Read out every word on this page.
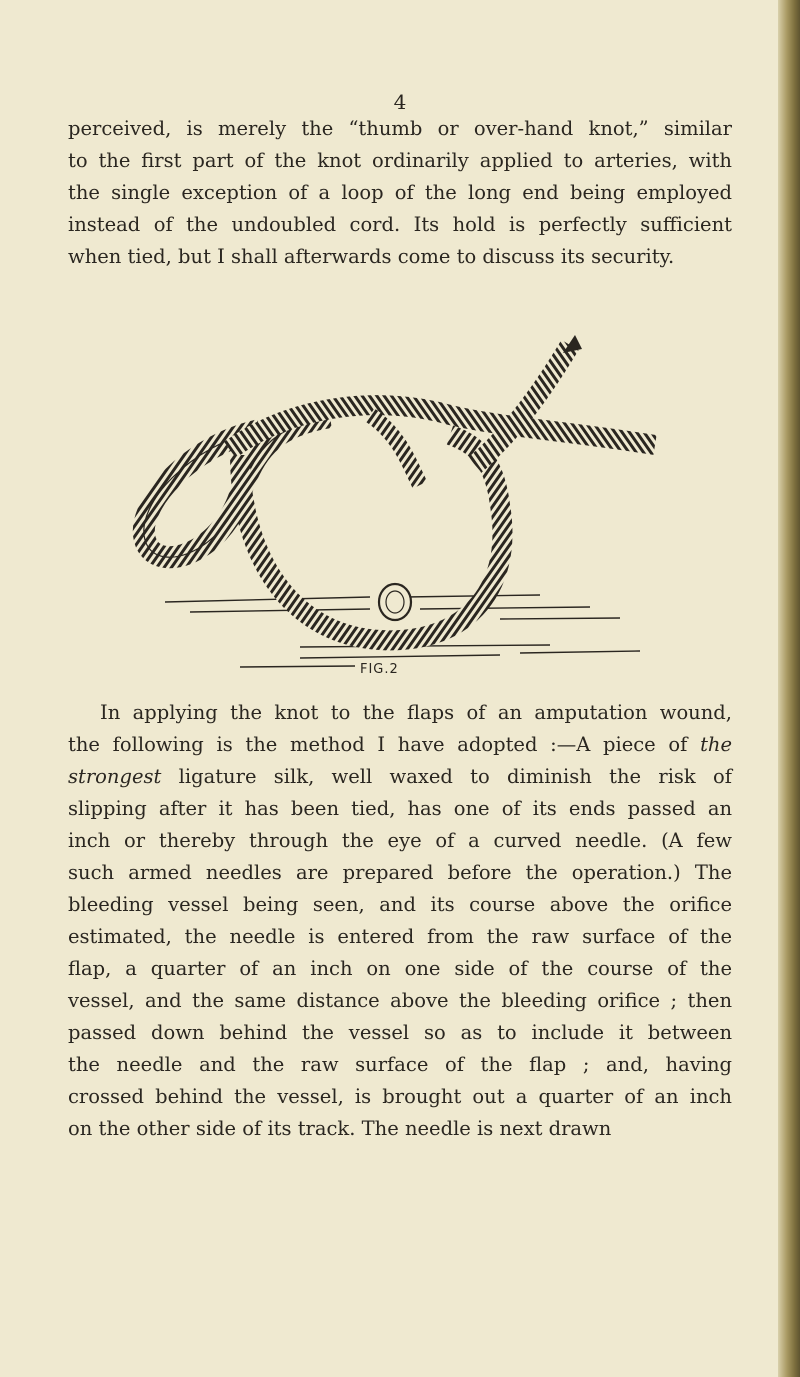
4
perceived, is merely the “thumb or over-hand knot,” similar
to the first part of the knot ordinarily applied to arteries, with
the single exception of a loop of the long end being employed
instead of the undoubled cord. Its hold is perfectly sufficient
when tied, but I shall afterwards come to discuss its security.
FIG.2
In applying the knot to the flaps of an amputation wound,
the following is the method I have adopted :—A piece of the
strongest ligature silk, well waxed to diminish the risk of
slipping after it has been tied, has one of its ends passed an
inch or thereby through the eye of a curved needle. (A few
such armed needles are prepared before the operation.) The
bleeding vessel being seen, and its course above the orifice
estimated, the needle is entered from the raw surface of the
flap, a quarter of an inch on one side of the course of the
vessel, and the same distance above the bleeding orifice ; then
passed down behind the vessel so as to include it between
the needle and the raw surface of the flap ; and, having
crossed behind the vessel, is brought out a quarter of an inch
on the other side of its track. The needle is next drawn
